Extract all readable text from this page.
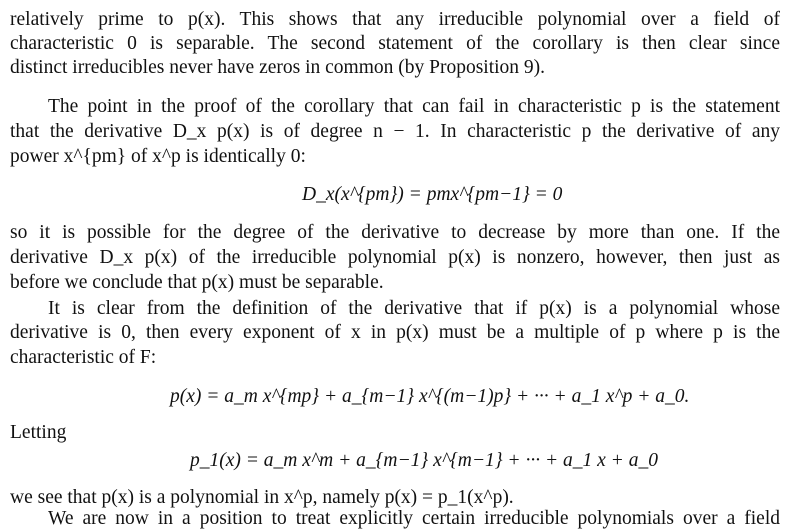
relatively prime to p(x). This shows that any irreducible polynomial over a field of
characteristic 0 is separable. The second statement of the corollary is then clear since
distinct irreducibles never have zeros in common (by Proposition 9).
The point in the proof of the corollary that can fail in characteristic p is the statement
that the derivative D_x p(x) is of degree n − 1. In characteristic p the derivative of any
power x^{pm} of x^p is identically 0:
D_x(x^{pm}) = pmx^{pm−1} = 0
so it is possible for the degree of the derivative to decrease by more than one. If the
derivative D_x p(x) of the irreducible polynomial p(x) is nonzero, however, then just as
before we conclude that p(x) must be separable.
It is clear from the definition of the derivative that if p(x) is a polynomial whose
derivative is 0, then every exponent of x in p(x) must be a multiple of p where p is the
characteristic of F:
p(x) = a_m x^{mp} + a_{m−1} x^{(m−1)p} + ··· + a_1 x^p + a_0.
Letting
p_1(x) = a_m x^m + a_{m−1} x^{m−1} + ··· + a_1 x + a_0
we see that p(x) is a polynomial in x^p, namely p(x) = p_1(x^p).
We are now in a position to treat explicitly certain irreducible polynomials over a field
